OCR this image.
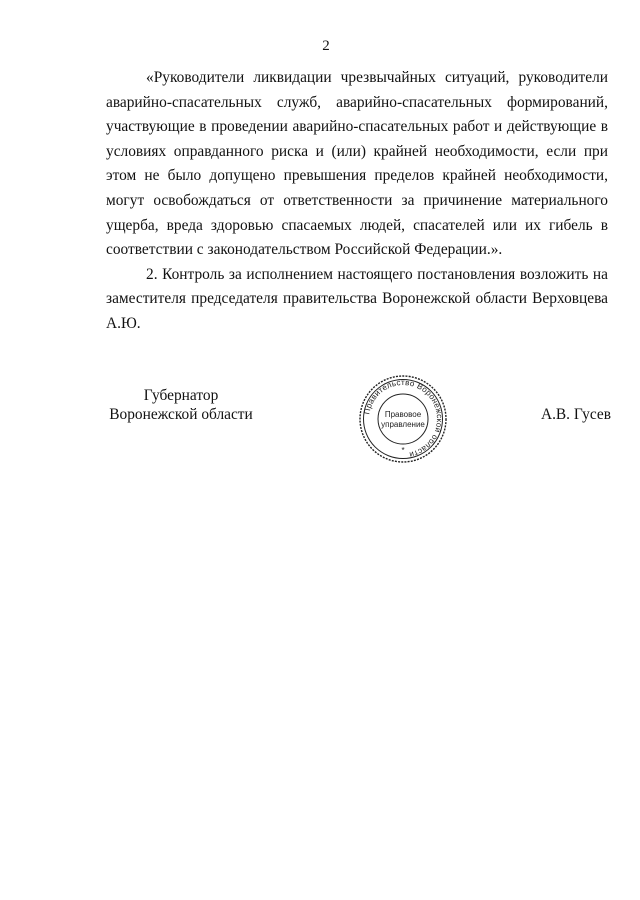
2

«Руководители ликвидации чрезвычайных ситуаций, руководители аварийно-спасательных служб, аварийно-спасательных формирований, участвующие в проведении аварийно-спасательных работ и действующие в условиях оправданного риска и (или) крайней необходимости, если при этом не было допущено превышения пределов крайней необходимости, могут освобождаться от ответственности за причинение материального ущерба, вреда здоровью спасаемых людей, спасателей или их гибель в соответствии с законодательством Российской Федерации.».

2. Контроль за исполнением настоящего постановления возложить на заместителя председателя правительства Воронежской области Верховцева А.Ю.

Губернатор
Воронежской области	Правительство Воронежской области
Правовое
управление
*
А.В. Гусев
